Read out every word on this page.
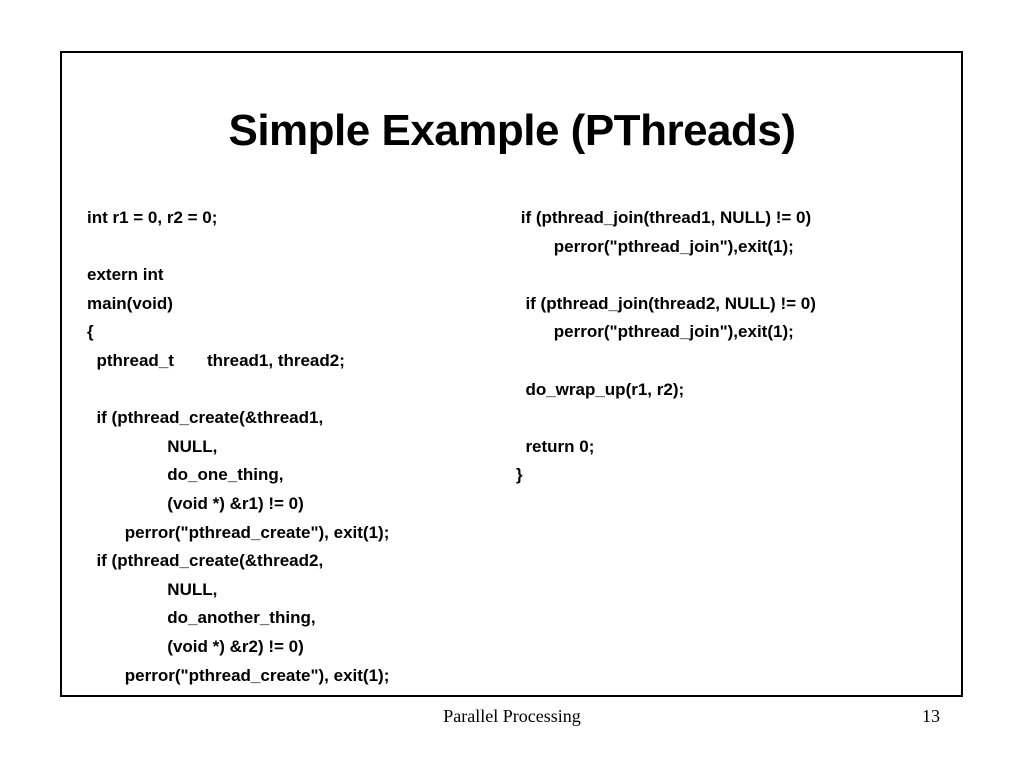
Simple Example (PThreads)
int r1 = 0, r2 = 0;
extern int
main(void)
{
pthread_t       thread1, thread2;
if (pthread_create(&thread1,
NULL,
do_one_thing,
(void *) &r1) != 0)
perror("pthread_create"), exit(1);
if (pthread_create(&thread2,
NULL,
do_another_thing,
(void *) &r2) != 0)
perror("pthread_create"), exit(1);
if (pthread_join(thread1, NULL) != 0)
perror("pthread_join"),exit(1);
if (pthread_join(thread2, NULL) != 0)
perror("pthread_join"),exit(1);
do_wrap_up(r1, r2);
return 0;
}
Parallel Processing	13
